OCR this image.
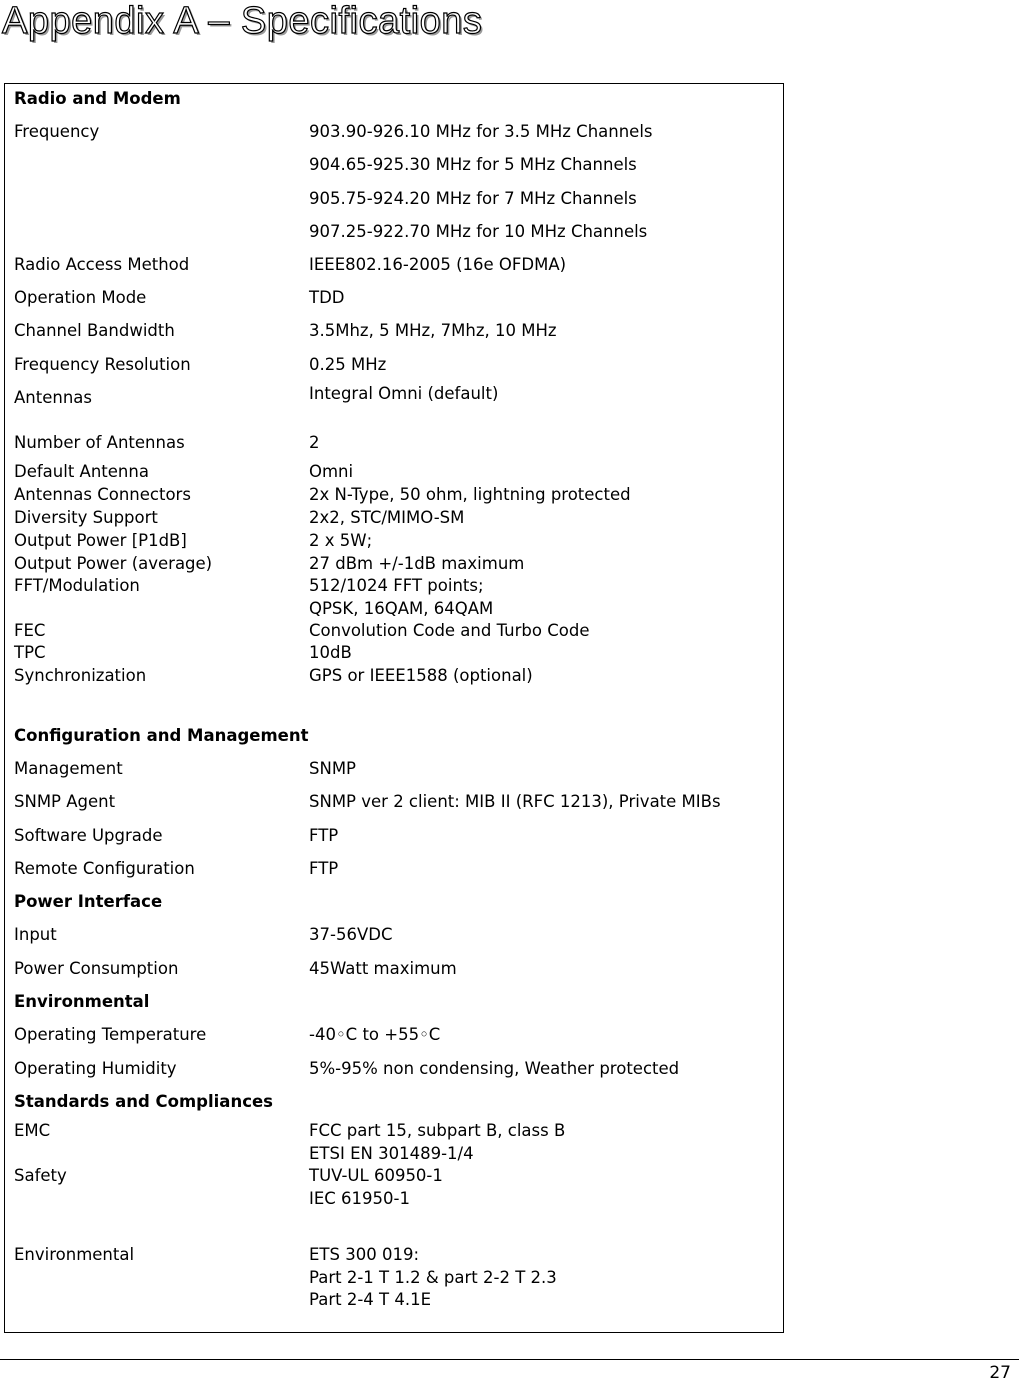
Appendix A – Specifications
Radio and Modem
Frequency	903.90-926.10 MHz for 3.5 MHz Channels
904.65-925.30 MHz for 5 MHz Channels
905.75-924.20 MHz for 7 MHz Channels
907.25-922.70 MHz for 10 MHz Channels
Radio Access Method	IEEE802.16-2005 (16e OFDMA)
Operation Mode	TDD
Channel Bandwidth	3.5Mhz, 5 MHz, 7Mhz, 10 MHz
Frequency Resolution	0.25 MHz
Antennas	Integral Omni (default)
Number of Antennas	2
Default Antenna	Omni
Antennas Connectors	2x N-Type, 50 ohm, lightning protected
Diversity Support	2x2, STC/MIMO-SM
Output Power [P1dB]	2 x 5W;
Output Power (average)	27 dBm +/-1dB maximum
FFT/Modulation	512/1024 FFT points;
QPSK, 16QAM, 64QAM
FEC	Convolution Code and Turbo Code
TPC	10dB
Synchronization	GPS or IEEE1588 (optional)
Configuration and Management
Management	SNMP
SNMP Agent	SNMP ver 2 client: MIB II (RFC 1213), Private MIBs
Software Upgrade	FTP
Remote Configuration	FTP
Power Interface
Input	37-56VDC
Power Consumption	45Watt maximum
Environmental
Operating Temperature	-40◦C to +55◦C
Operating Humidity	5%-95% non condensing, Weather protected
Standards and Compliances
EMC	FCC part 15, subpart B, class B
ETSI EN 301489-1/4
Safety	TUV-UL 60950-1
IEC 61950-1
Environmental	ETS 300 019:
Part 2-1 T 1.2 & part 2-2 T 2.3
Part 2-4 T 4.1E
27
